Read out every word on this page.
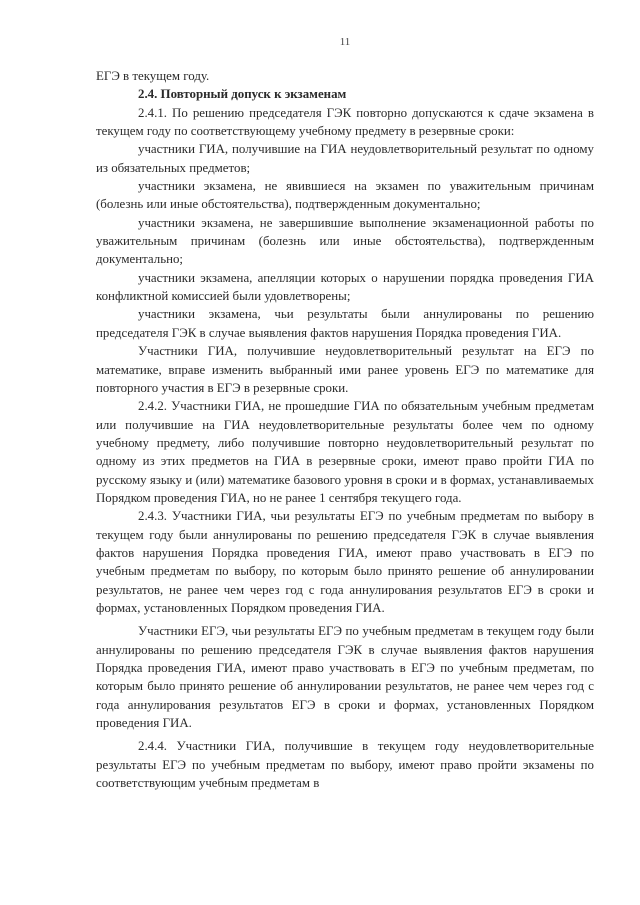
11

ЕГЭ в текущем году.

2.4. Повторный допуск к экзаменам

2.4.1. По решению председателя ГЭК повторно допускаются к сдаче экзамена в текущем году по соответствующему учебному предмету в резервные сроки:

участники ГИА, получившие на ГИА неудовлетворительный результат по одному из обязательных предметов;

участники экзамена, не явившиеся на экзамен по уважительным причинам (болезнь или иные обстоятельства), подтвержденным документально;

участники экзамена, не завершившие выполнение экзаменационной работы по уважительным причинам (болезнь или иные обстоятельства), подтвержденным документально;

участники экзамена, апелляции которых о нарушении порядка проведения ГИА конфликтной комиссией были удовлетворены;

участники экзамена, чьи результаты были аннулированы по решению председателя ГЭК в случае выявления фактов нарушения Порядка проведения ГИА.

Участники ГИА, получившие неудовлетворительный результат на ЕГЭ по математике, вправе изменить выбранный ими ранее уровень ЕГЭ по математике для повторного участия в ЕГЭ в резервные сроки.

2.4.2. Участники ГИА, не прошедшие ГИА по обязательным учебным предметам или получившие на ГИА неудовлетворительные результаты более чем по одному учебному предмету, либо получившие повторно неудовлетворительный результат по одному из этих предметов на ГИА в резервные сроки, имеют право пройти ГИА по русскому языку и (или) математике базового уровня в сроки и в формах, устанавливаемых Порядком проведения ГИА, но не ранее 1 сентября текущего года.

2.4.3. Участники ГИА, чьи результаты ЕГЭ по учебным предметам по выбору в текущем году были аннулированы по решению председателя ГЭК в случае выявления фактов нарушения Порядка проведения ГИА, имеют право участвовать в ЕГЭ по учебным предметам по выбору, по которым было принято решение об аннулировании результатов, не ранее чем через год с года аннулирования результатов ЕГЭ в сроки и формах, установленных Порядком проведения ГИА.

Участники ЕГЭ, чьи результаты ЕГЭ по учебным предметам в текущем году были аннулированы по решению председателя ГЭК в случае выявления фактов нарушения Порядка проведения ГИА, имеют право участвовать в ЕГЭ по учебным предметам, по которым было принято решение об аннулировании результатов, не ранее чем через год с года аннулирования результатов ЕГЭ в сроки и формах, установленных Порядком проведения ГИА.

2.4.4. Участники ГИА, получившие в текущем году неудовлетворительные результаты ЕГЭ по учебным предметам по выбору, имеют право пройти экзамены по соответствующим учебным предметам в
